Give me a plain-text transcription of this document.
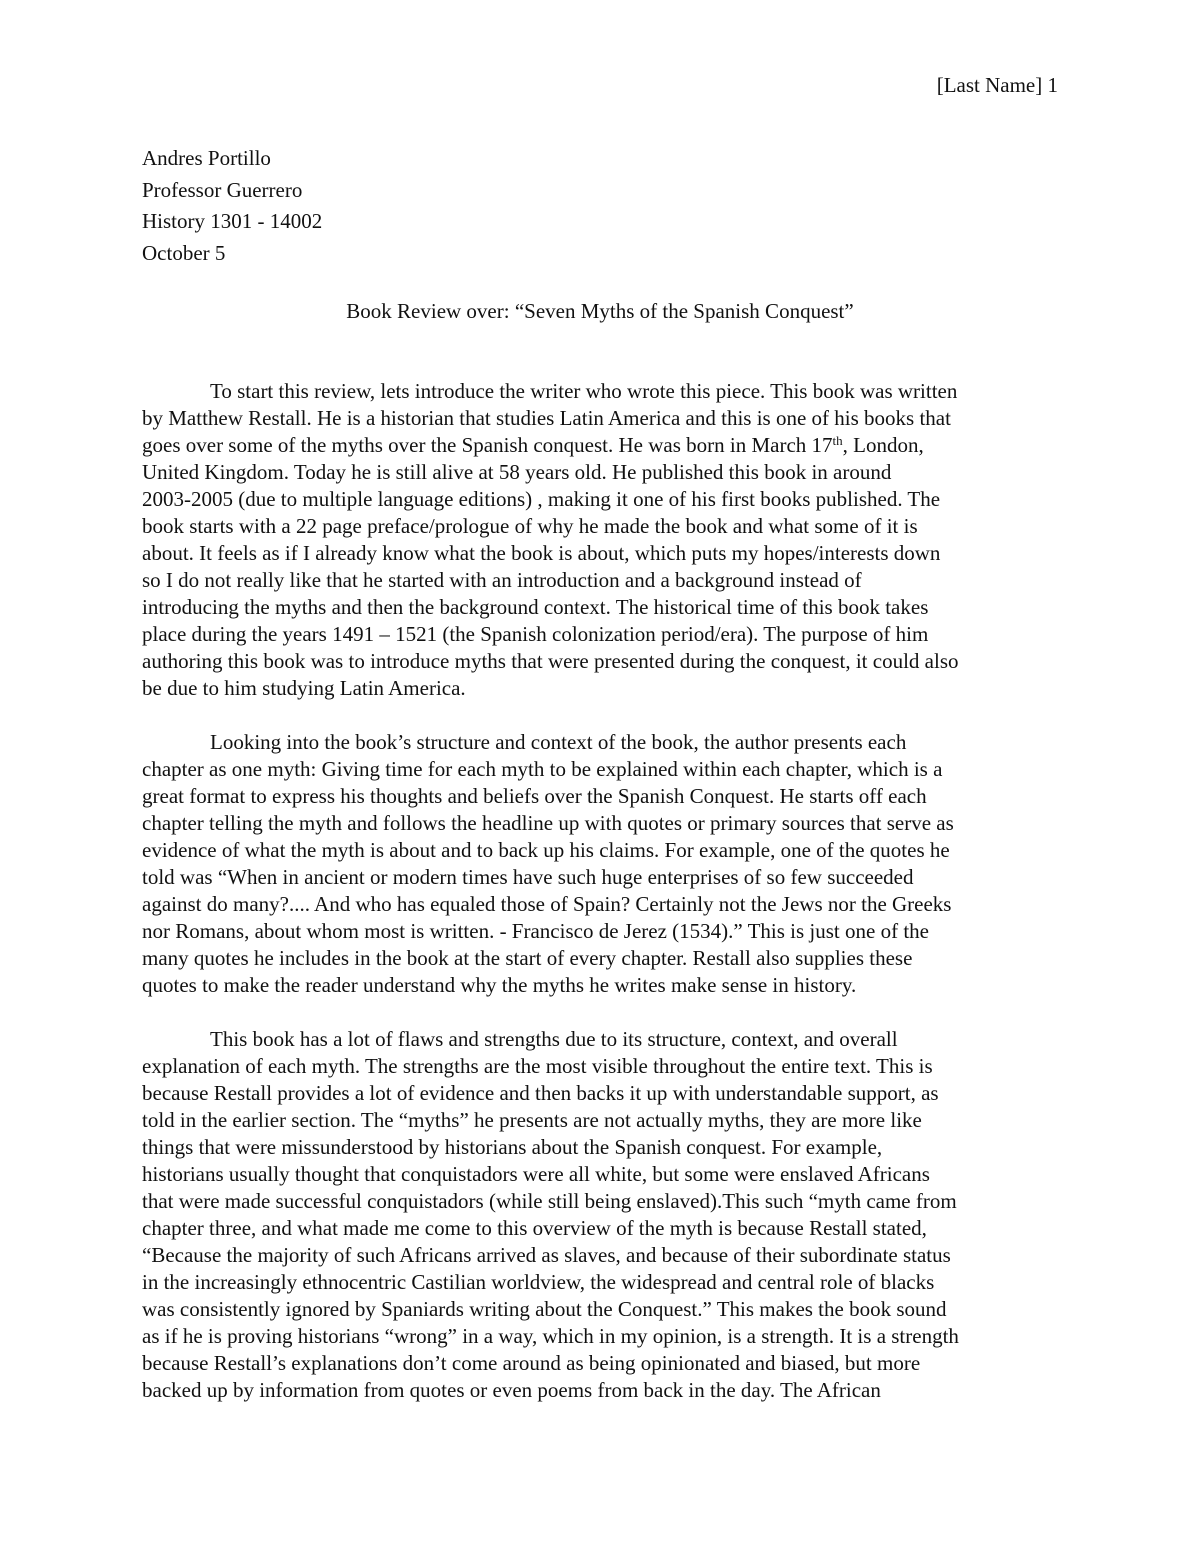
[Last Name] 1
Andres Portillo
Professor Guerrero
History 1301 - 14002
October 5
Book Review over: “Seven Myths of the Spanish Conquest”
To start this review, lets introduce the writer who wrote this piece. This book was written
by Matthew Restall. He is a historian that studies Latin America and this is one of his books that
goes over some of the myths over the Spanish conquest. He was born in March 17th, London,
United Kingdom. Today he is still alive at 58 years old. He published this book in around
2003-2005 (due to multiple language editions) , making it one of his first books published. The
book starts with a 22 page preface/prologue of why he made the book and what some of it is
about. It feels as if I already know what the book is about, which puts my hopes/interests down
so I do not really like that he started with an introduction and a background instead of
introducing the myths and then the background context. The historical time of this book takes
place during the years 1491 – 1521 (the Spanish colonization period/era). The purpose of him
authoring this book was to introduce myths that were presented during the conquest, it could also
be due to him studying Latin America.
Looking into the book’s structure and context of the book, the author presents each
chapter as one myth: Giving time for each myth to be explained within each chapter, which is a
great format to express his thoughts and beliefs over the Spanish Conquest. He starts off each
chapter telling the myth and follows the headline up with quotes or primary sources that serve as
evidence of what the myth is about and to back up his claims. For example, one of the quotes he
told was “When in ancient or modern times have such huge enterprises of so few succeeded
against do many?.... And who has equaled those of Spain? Certainly not the Jews nor the Greeks
nor Romans, about whom most is written. - Francisco de Jerez (1534).” This is just one of the
many quotes he includes in the book at the start of every chapter. Restall also supplies these
quotes to make the reader understand why the myths he writes make sense in history.
This book has a lot of flaws and strengths due to its structure, context, and overall
explanation of each myth. The strengths are the most visible throughout the entire text. This is
because Restall provides a lot of evidence and then backs it up with understandable support, as
told in the earlier section. The “myths” he presents are not actually myths, they are more like
things that were missunderstood by historians about the Spanish conquest. For example,
historians usually thought that conquistadors were all white, but some were enslaved Africans
that were made successful conquistadors (while still being enslaved).This such “myth came from
chapter three, and what made me come to this overview of the myth is because Restall stated,
“Because the majority of such Africans arrived as slaves, and because of their subordinate status
in the increasingly ethnocentric Castilian worldview, the widespread and central role of blacks
was consistently ignored by Spaniards writing about the Conquest.” This makes the book sound
as if he is proving historians “wrong” in a way, which in my opinion, is a strength. It is a strength
because Restall’s explanations don’t come around as being opinionated and biased, but more
backed up by information from quotes or even poems from back in the day. The African
